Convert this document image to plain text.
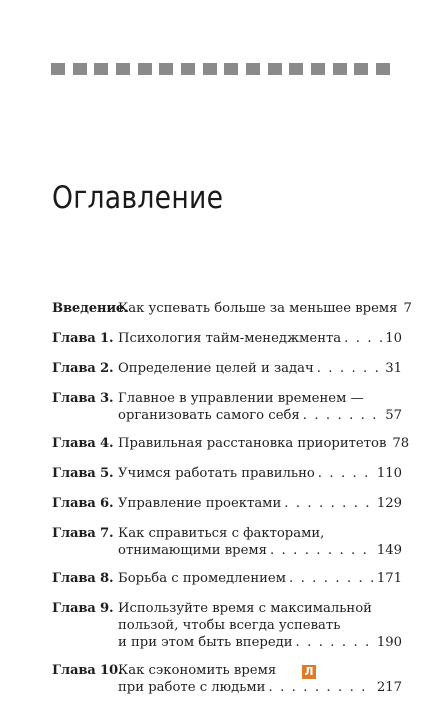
Оглавление
Введение.
Как успевать больше за меньшее время 7
Глава 1. Психология тайм-менеджмента . . .	10
Глава 2. Определение целей и задач . . .	31
Глава 3. Главное в управлении временем —
организовать самого себя . . .	57
Глава 4. Правильная расстановка приоритетов 78
Глава 5. Учимся работать правильно . . .	110
Глава 6. Управление проектами . . .	129
Глава 7. Как справиться с факторами,
отнимающими время . . .	149
Глава 8. Борьба с промедлением . . .	171
Глава 9. Используйте время с максимальной
пользой, чтобы всегда успевать
и при этом быть впереди . . .	190
Глава 10.
Как сэкономить время
при работе с людьми . . .	217
Л
